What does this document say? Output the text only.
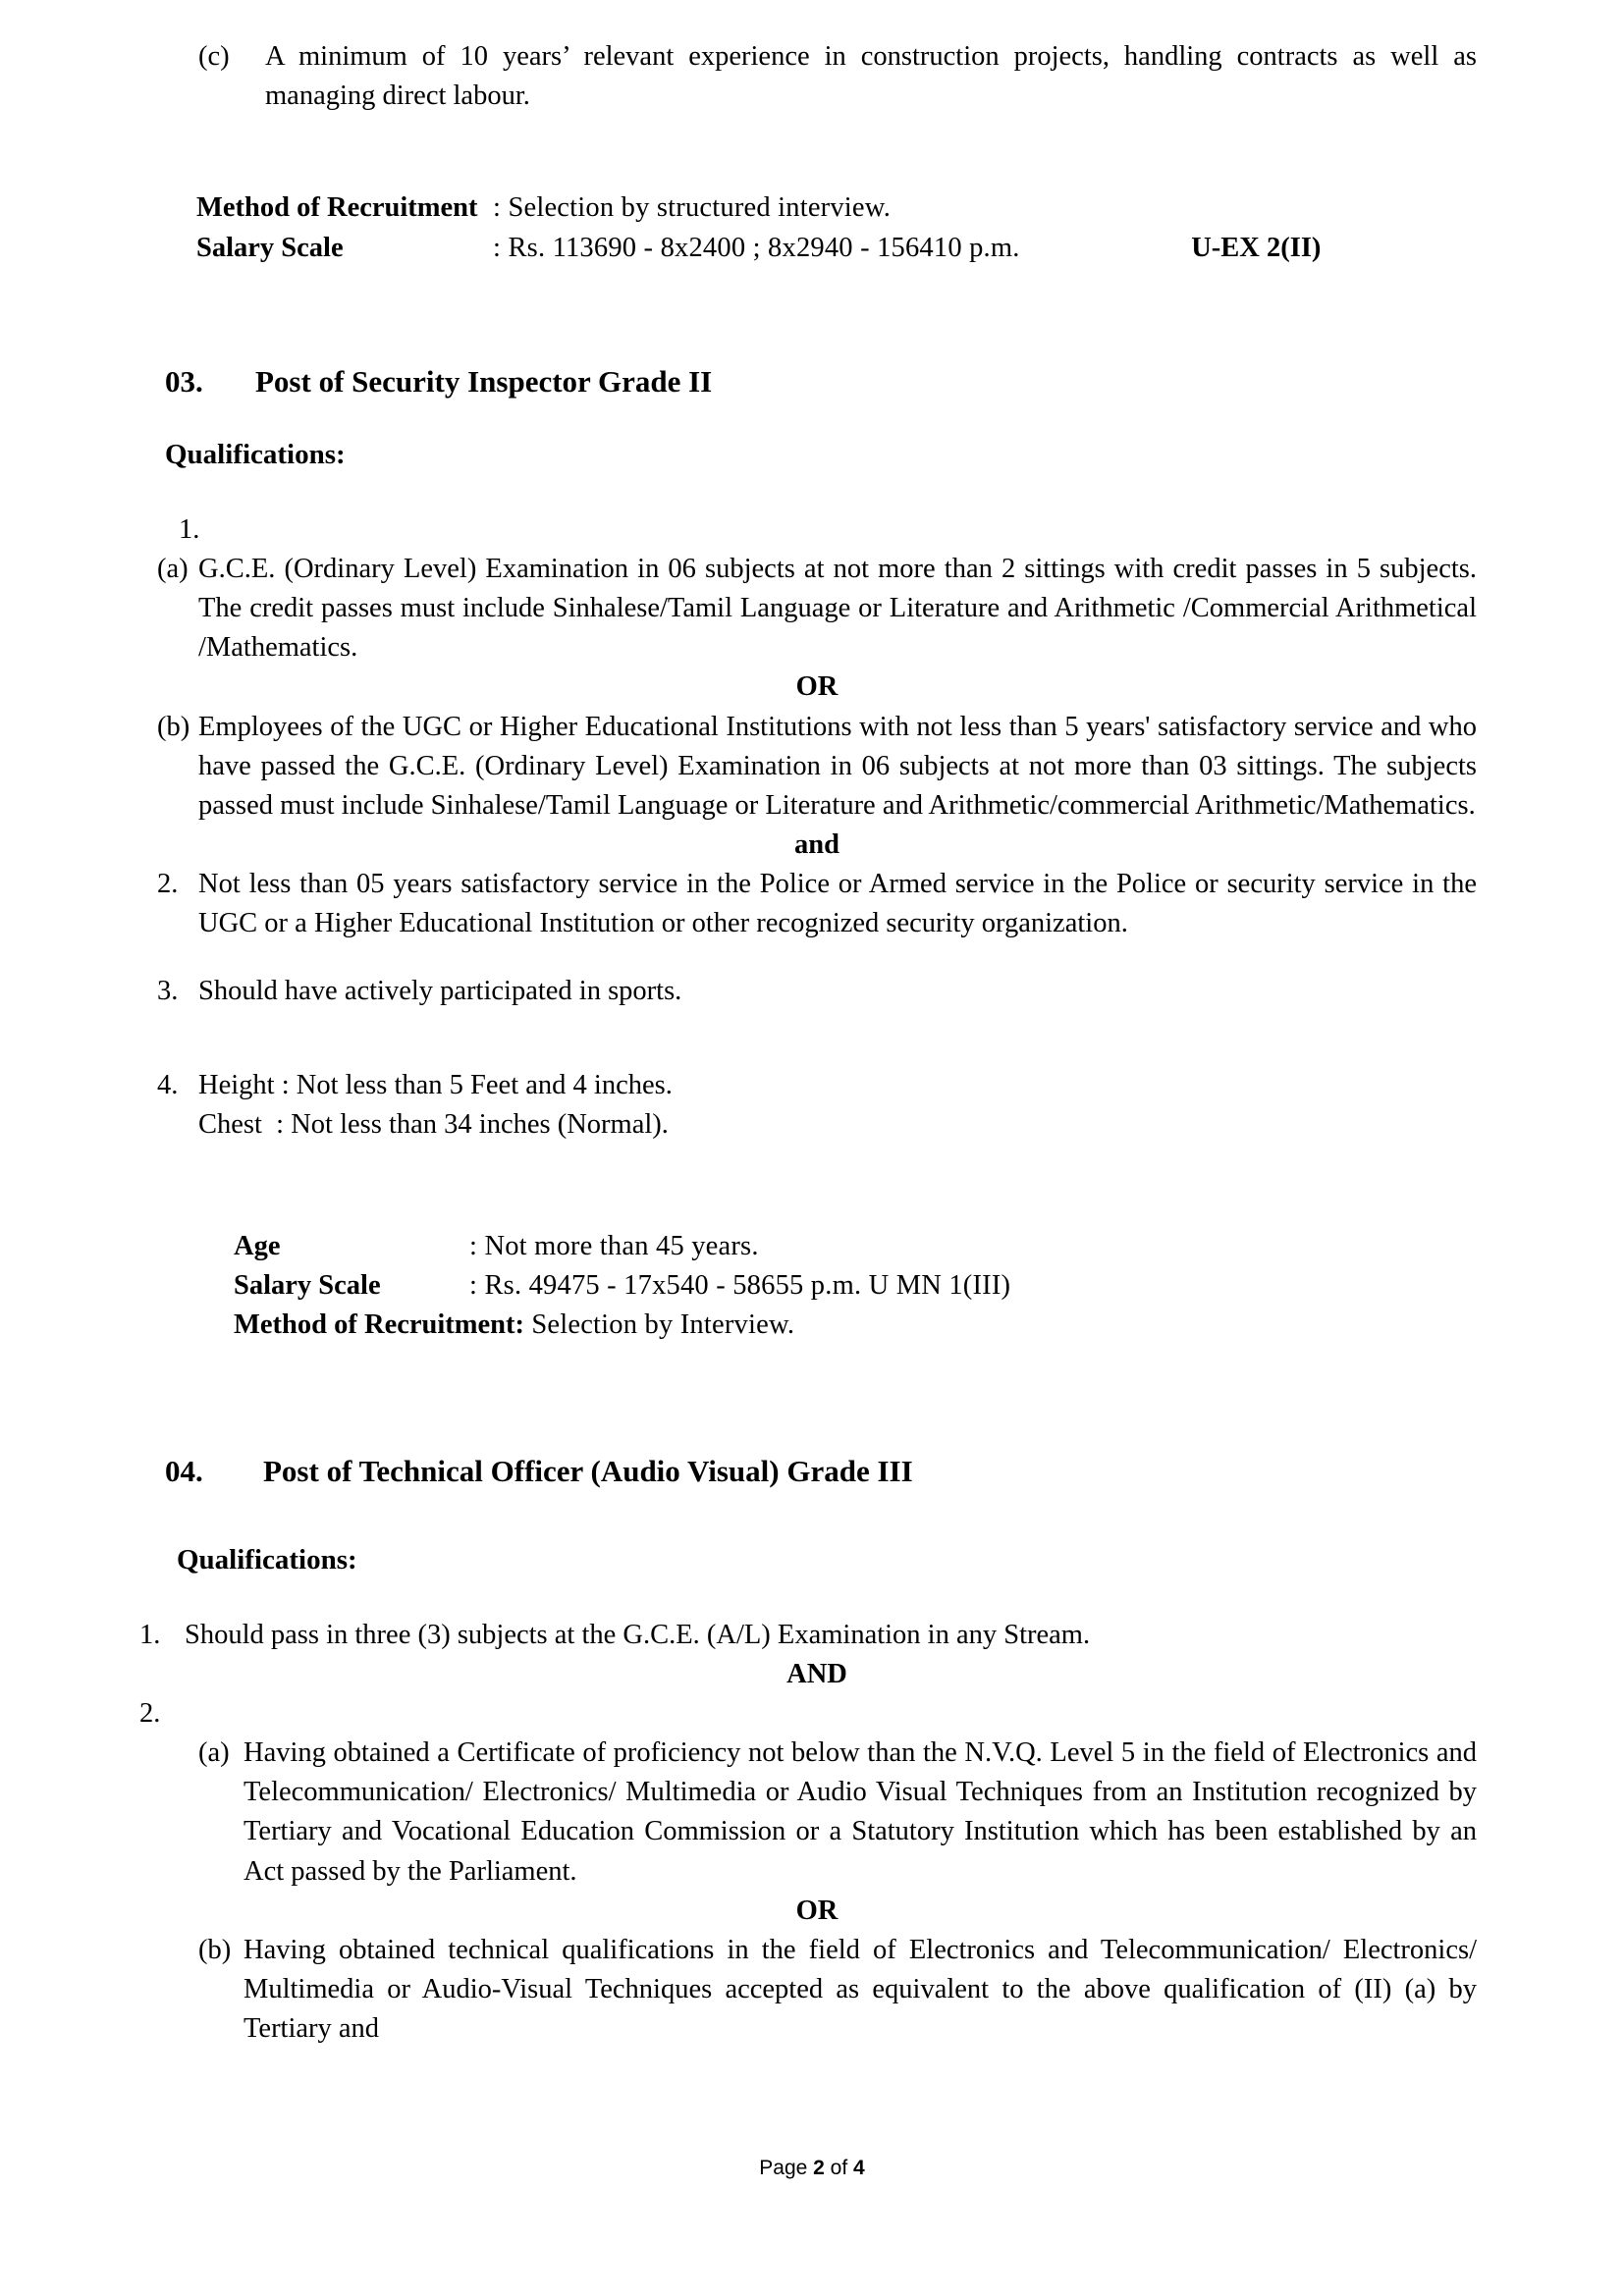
(c)	A minimum of 10 years’ relevant experience in construction projects, handling contracts as well as managing direct labour.
Method of Recruitment : Selection by structured interview.
Salary Scale	: Rs. 113690 - 8x2400 ; 8x2940 - 156410 p.m.	U-EX 2(II)
03.	Post of Security Inspector Grade II
Qualifications:
1.
(a) G.C.E. (Ordinary Level) Examination in 06 subjects at not more than 2 sittings with credit passes in 5 subjects. The credit passes must include Sinhalese/Tamil Language or Literature and Arithmetic /Commercial Arithmetical /Mathematics.
OR
(b) Employees of the UGC or Higher Educational Institutions with not less than 5 years' satisfactory service and who have passed the G.C.E. (Ordinary Level) Examination in 06 subjects at not more than 03 sittings. The subjects passed must include Sinhalese/Tamil Language or Literature and Arithmetic/commercial Arithmetic/Mathematics.
and
2. Not less than 05 years satisfactory service in the Police or Armed service in the Police or security service in the UGC or a Higher Educational Institution or other recognized security organization.
3. Should have actively participated in sports.
4. Height : Not less than 5 Feet and 4 inches.
Chest  : Not less than 34 inches (Normal).
Age	: Not more than 45 years.
Salary Scale	: Rs. 49475 - 17x540 - 58655 p.m. U MN 1(III)
Method of Recruitment: Selection by Interview.
04.	Post of Technical Officer (Audio Visual) Grade III
Qualifications:
1. Should pass in three (3) subjects at the G.C.E. (A/L) Examination in any Stream.
AND
2.
(a) Having obtained a Certificate of proficiency not below than the N.V.Q. Level 5 in the field of Electronics and Telecommunication/ Electronics/ Multimedia or Audio Visual Techniques from an Institution recognized by Tertiary and Vocational Education Commission or a Statutory Institution which has been established by an Act passed by the Parliament.
OR
(b) Having obtained technical qualifications in the field of Electronics and Telecommunication/ Electronics/ Multimedia or Audio-Visual Techniques accepted as equivalent to the above qualification of (II) (a) by Tertiary and
Page 2 of 4
